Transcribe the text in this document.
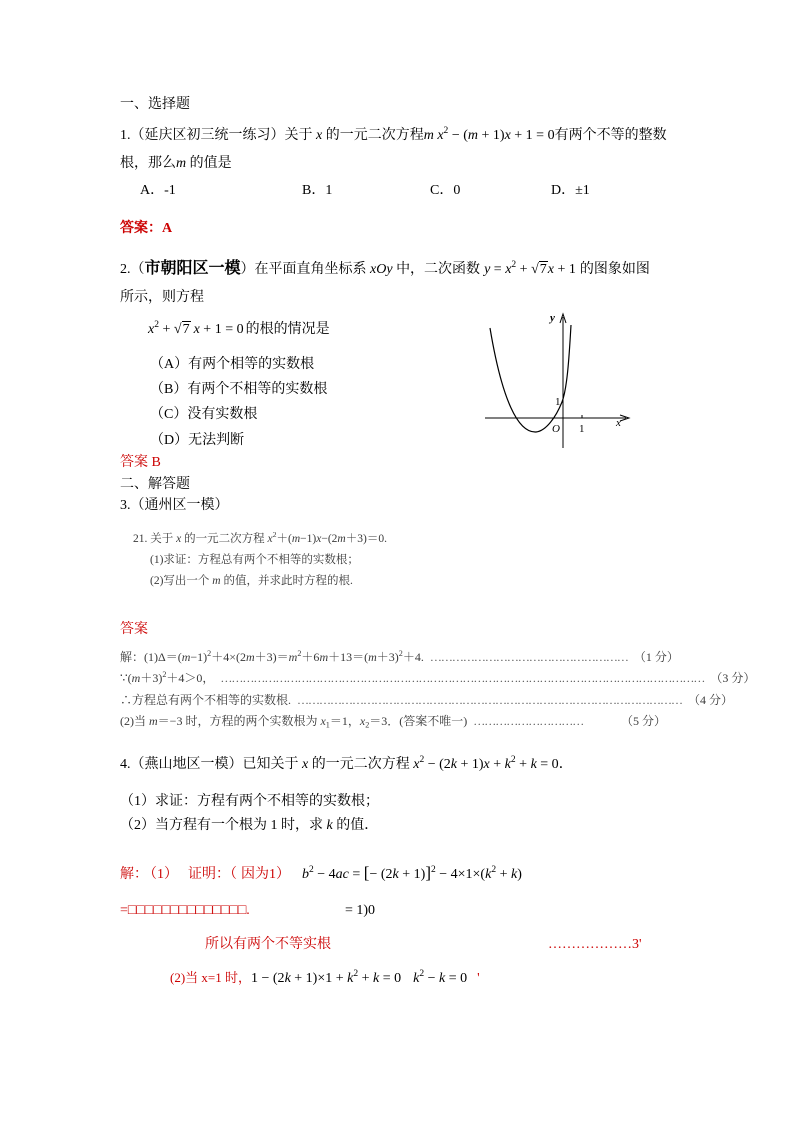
一、选择题
1.（延庆区初三统一练习）关于 x 的一元二次方程m $x^2 - (m + 1)x + 1 = 0$有两个不等的整数
根，那么m 的值是
A．-1	B．1	C．0	D．±1
答案：A
2.（市朝阳区一模）在平面直角坐标系 xOy 中，二次函数 $y = x^2 + √7x + 1$ 的图象如图
所示，则方程
$x^2 + √7$ x + 1 = 0 的根的情况是
（A）有两个相等的实数根
（B）有两个不相等的实数根
（C）没有实数根
（D）无法判断
y
1
O 1	x
答案 B
二、解答题
3.（通州区一模）
21. 关于 x 的一元二次方程 $x^2+(m-1)x-(2m+3)=0$.
(1)求证：方程总有两个不相等的实数根；
(2)写出一个 m 的值，并求此时方程的根.
答案
解：$(1)\Delta=(m-1)^2+4\times(2m+3)=m^2+6m+13=(m+3)^2+4$. ……………………………………………… （1 分）
$\because(m+3)^2+4>0$， …………………………………………………………………………………………………………………… （3 分）
∴方程总有两个不相等的实数根. …………………………………………………………………………………………… （4 分）
(2)当 m＝−3 时，方程的两个实数根为 $x_1=1$，$x_2=3$．(答案不唯一) …………………………	（5 分）
4.（燕山地区一模）已知关于 x 的一元二次方程 $x^2 - (2k + 1)x + k^2 + k = 0$．
（1）求证：方程有两个不相等的实数根；
（2）当方程有一个根为 1 时，求 k 的值．
解： （1） 证明：（ 因为1） $b^2 - 4ac$ = [− $(2k + 1)]^2 - 4\times 1\times(k^2 + k)$
=□□□□□□□□□□□□□□.	= 1)0
所以有两个不等实根	………………3'
(2)当 x=1 时，$1 - (2k + 1)\times 1 + k^2 + k = 0$ $k^2 - k = 0$ '
